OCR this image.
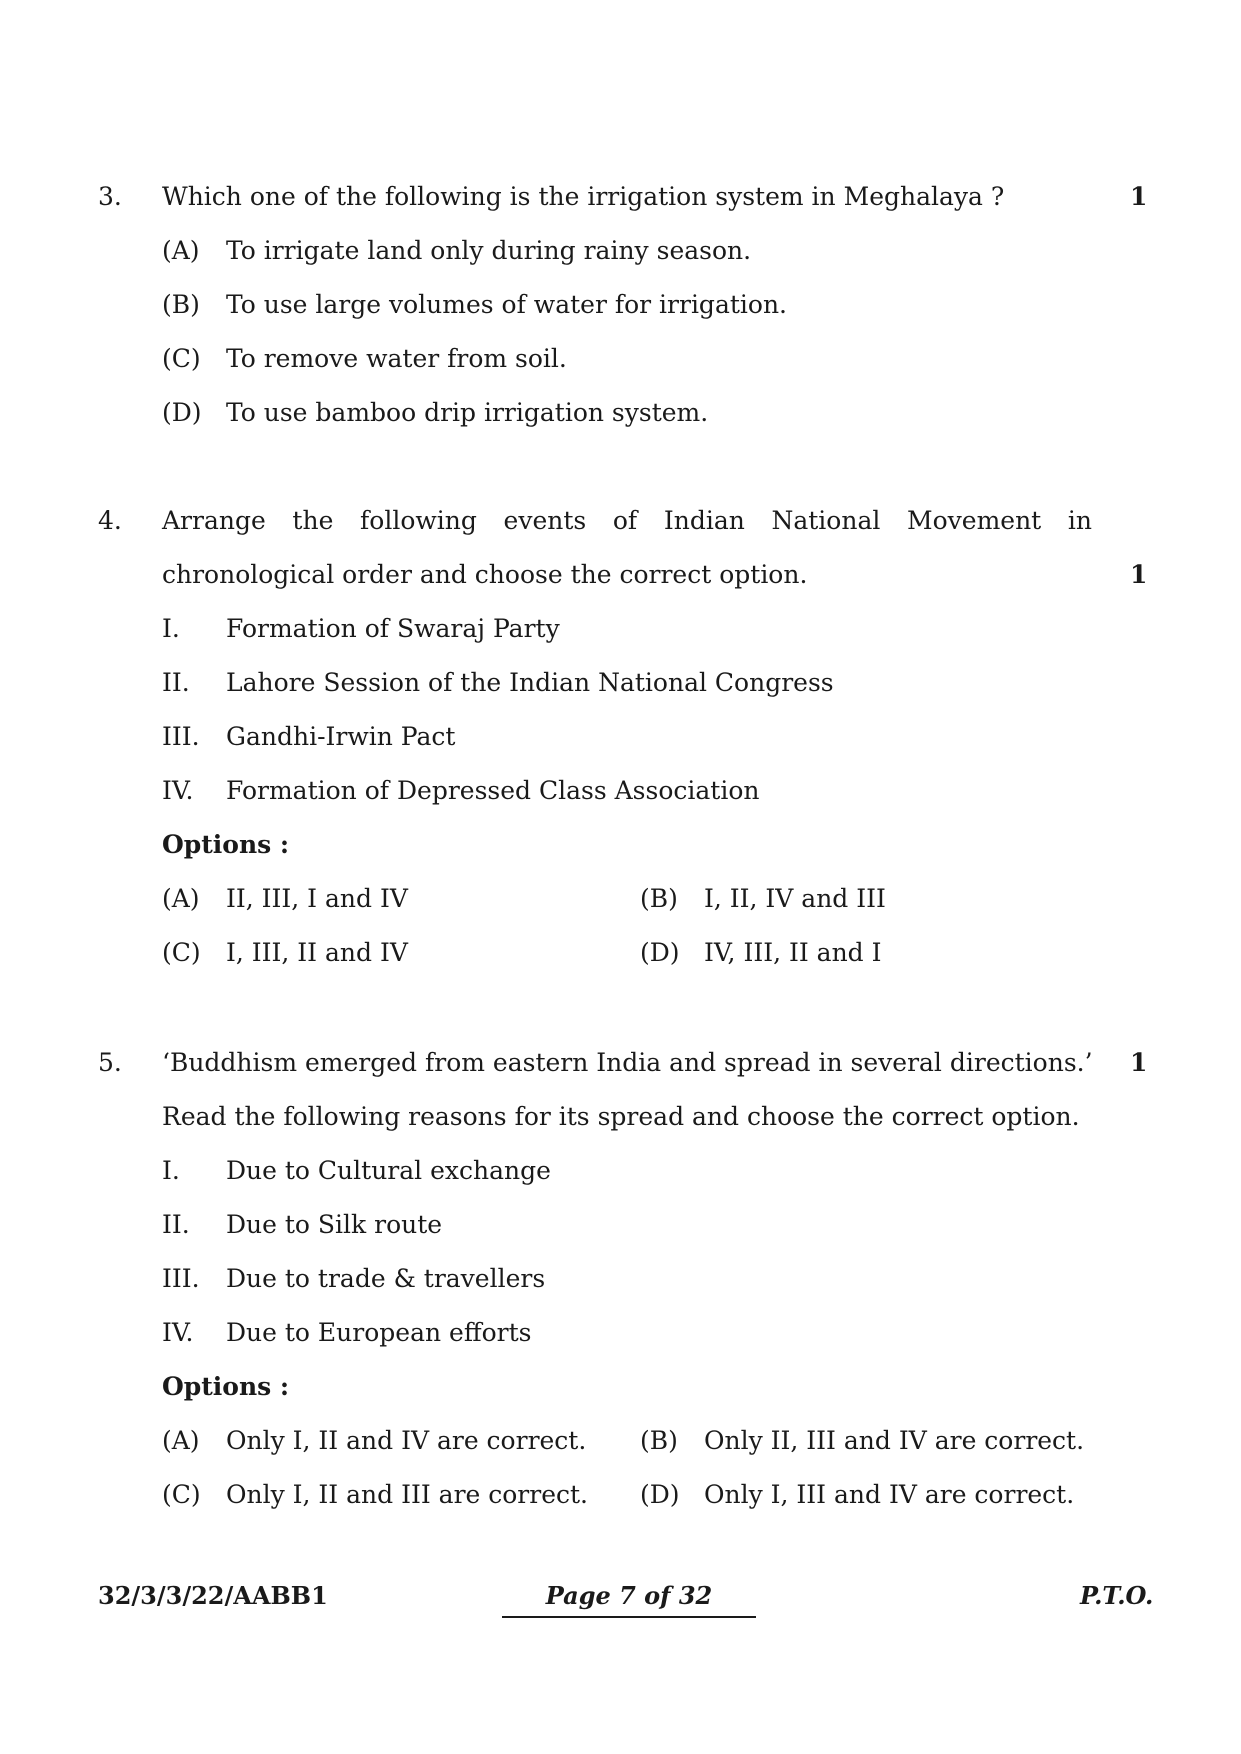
3. Which one of the following is the irrigation system in Meghalaya ?	1
(A) To irrigate land only during rainy season.
(B) To use large volumes of water for irrigation.
(C) To remove water from soil.
(D) To use bamboo drip irrigation system.
4. Arrange the following events of Indian National Movement in
chronological order and choose the correct option.	1
I. Formation of Swaraj Party
II. Lahore Session of the Indian National Congress
III. Gandhi-Irwin Pact
IV. Formation of Depressed Class Association
Options :
(A) II, III, I and IV	(B) I, II, IV and III
(C) I, III, II and IV	(D) IV, III, II and I
5. ‘Buddhism emerged from eastern India and spread in several directions.’ 1
Read the following reasons for its spread and choose the correct option.
I. Due to Cultural exchange
II. Due to Silk route
III. Due to trade & travellers
IV. Due to European efforts
Options :
(A) Only I, II and IV are correct. (B) Only II, III and IV are correct.
(C) Only I, II and III are correct. (D) Only I, III and IV are correct.
32/3/3/22/AABB1	Page 7 of 32	P.T.O.
